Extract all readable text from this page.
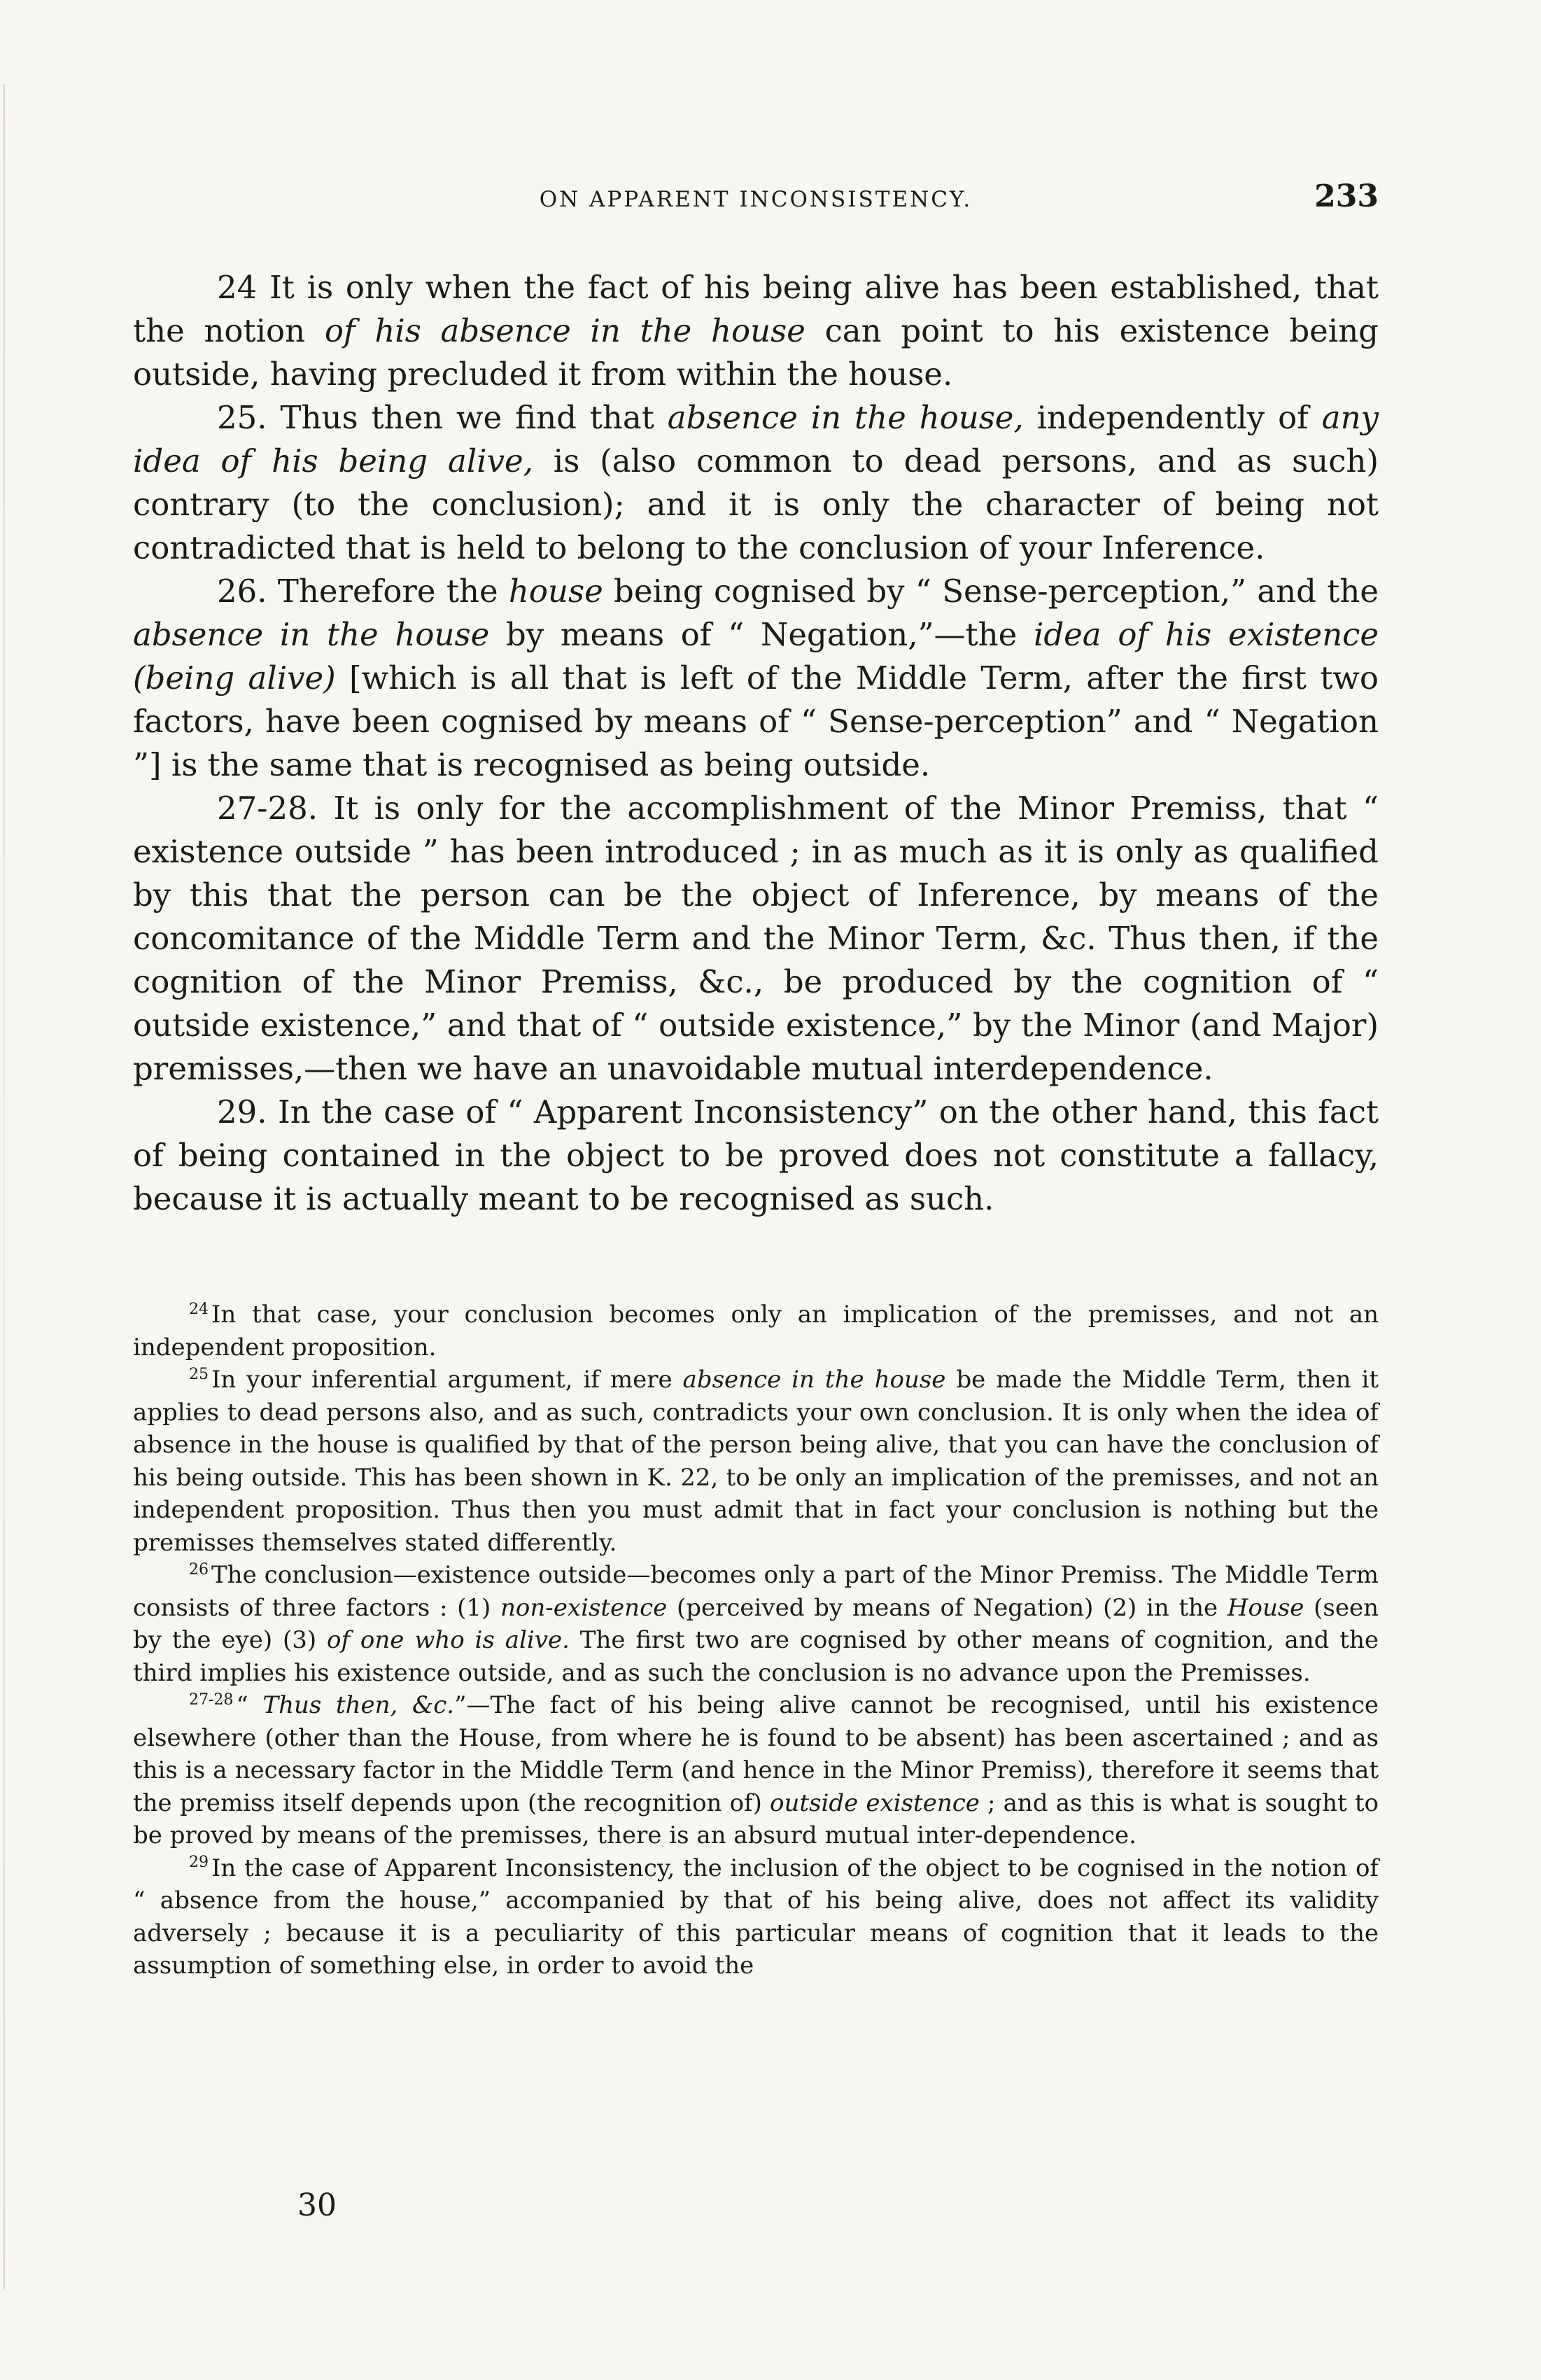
ON APPARENT INCONSISTENCY.	233

24 It is only when the fact of his being alive has been established, that the notion of his absence in the house can point to his existence being outside, having precluded it from within the house.

25. Thus then we find that absence in the house, independently of any idea of his being alive, is (also common to dead persons, and as such) contrary (to the conclusion); and it is only the character of being not contradicted that is held to belong to the conclusion of your Inference.

26. Therefore the house being cognised by “ Sense-perception,” and the absence in the house by means of “ Negation,”—the idea of his existence (being alive) [which is all that is left of the Middle Term, after the first two factors, have been cognised by means of “ Sense-perception” and “ Negation ”] is the same that is recognised as being outside.

27-28. It is only for the accomplishment of the Minor Premiss, that “ existence outside ” has been introduced ; in as much as it is only as qualified by this that the person can be the object of Inference, by means of the concomitance of the Middle Term and the Minor Term, &c. Thus then, if the cognition of the Minor Premiss, &c., be produced by the cognition of “ outside existence,” and that of “ outside existence,” by the Minor (and Major) premisses,—then we have an unavoidable mutual interdependence.

29. In the case of “ Apparent Inconsistency” on the other hand, this fact of being contained in the object to be proved does not constitute a fallacy, because it is actually meant to be recognised as such.

$^{24}$ In that case, your conclusion becomes only an implication of the premisses, and not an independent proposition.

$^{25}$ In your inferential argument, if mere absence in the house be made the Middle Term, then it applies to dead persons also, and as such, contradicts your own conclusion. It is only when the idea of absence in the house is qualified by that of the person being alive, that you can have the conclusion of his being outside. This has been shown in K. 22, to be only an implication of the premisses, and not an independent proposition. Thus then you must admit that in fact your conclusion is nothing but the premisses themselves stated differently.

$^{26}$ The conclusion—existence outside—becomes only a part of the Minor Premiss. The Middle Term consists of three factors : (1) non-existence (perceived by means of Negation) (2) in the House (seen by the eye) (3) of one who is alive. The first two are cognised by other means of cognition, and the third implies his existence outside, and as such the conclusion is no advance upon the Premisses.

$^{27-28}$ “ Thus then, &c.”—The fact of his being alive cannot be recognised, until his existence elsewhere (other than the House, from where he is found to be absent) has been ascertained ; and as this is a necessary factor in the Middle Term (and hence in the Minor Premiss), therefore it seems that the premiss itself depends upon (the recognition of) outside existence ; and as this is what is sought to be proved by means of the premisses, there is an absurd mutual inter-dependence.

$^{29}$ In the case of Apparent Inconsistency, the inclusion of the object to be cognised in the notion of “ absence from the house,” accompanied by that of his being alive, does not affect its validity adversely ; because it is a peculiarity of this particular means of cognition that it leads to the assumption of something else, in order to avoid the

30
